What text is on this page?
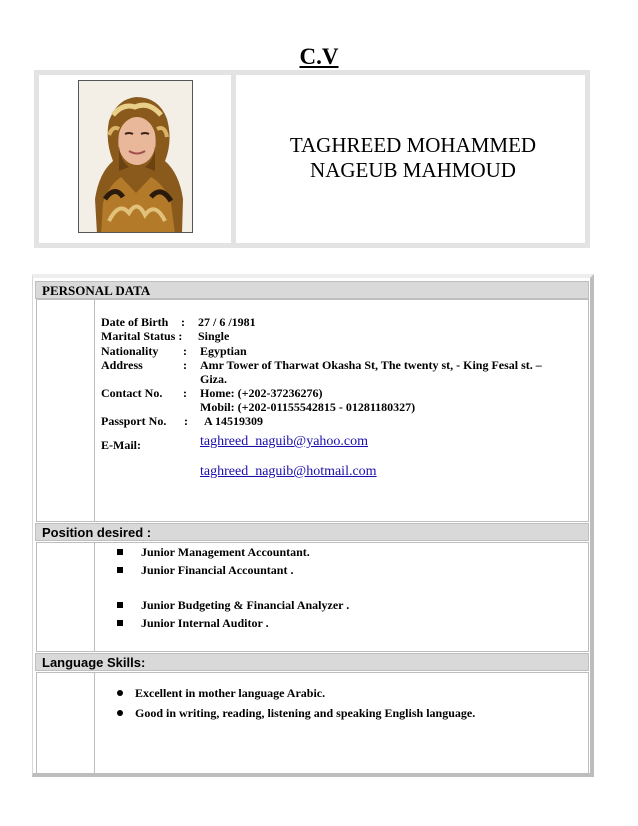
C.V
TAGHREED MOHAMMED
NAGEUB MAHMOUD
PERSONAL DATA
Date of Birth : 27 / 6 /1981
Marital Status : Single
Nationality : Egyptian
Address	: Amr Tower of Tharwat Okasha St, The twenty st, - King Fesal st. –
Giza.
Contact No. : Home: (+202-37236276)
Mobil: (+202-01155542815 - 01281180327)
Passport No. : A 14519309
E-Mail:	taghreed_naguib@yahoo.com
taghreed_naguib@hotmail.com
Position desired :
Junior Management Accountant.
Junior Financial Accountant .
Junior Budgeting & Financial Analyzer .
Junior Internal Auditor .
Language Skills:
Excellent in mother language Arabic.
Good in writing, reading, listening and speaking English language.
